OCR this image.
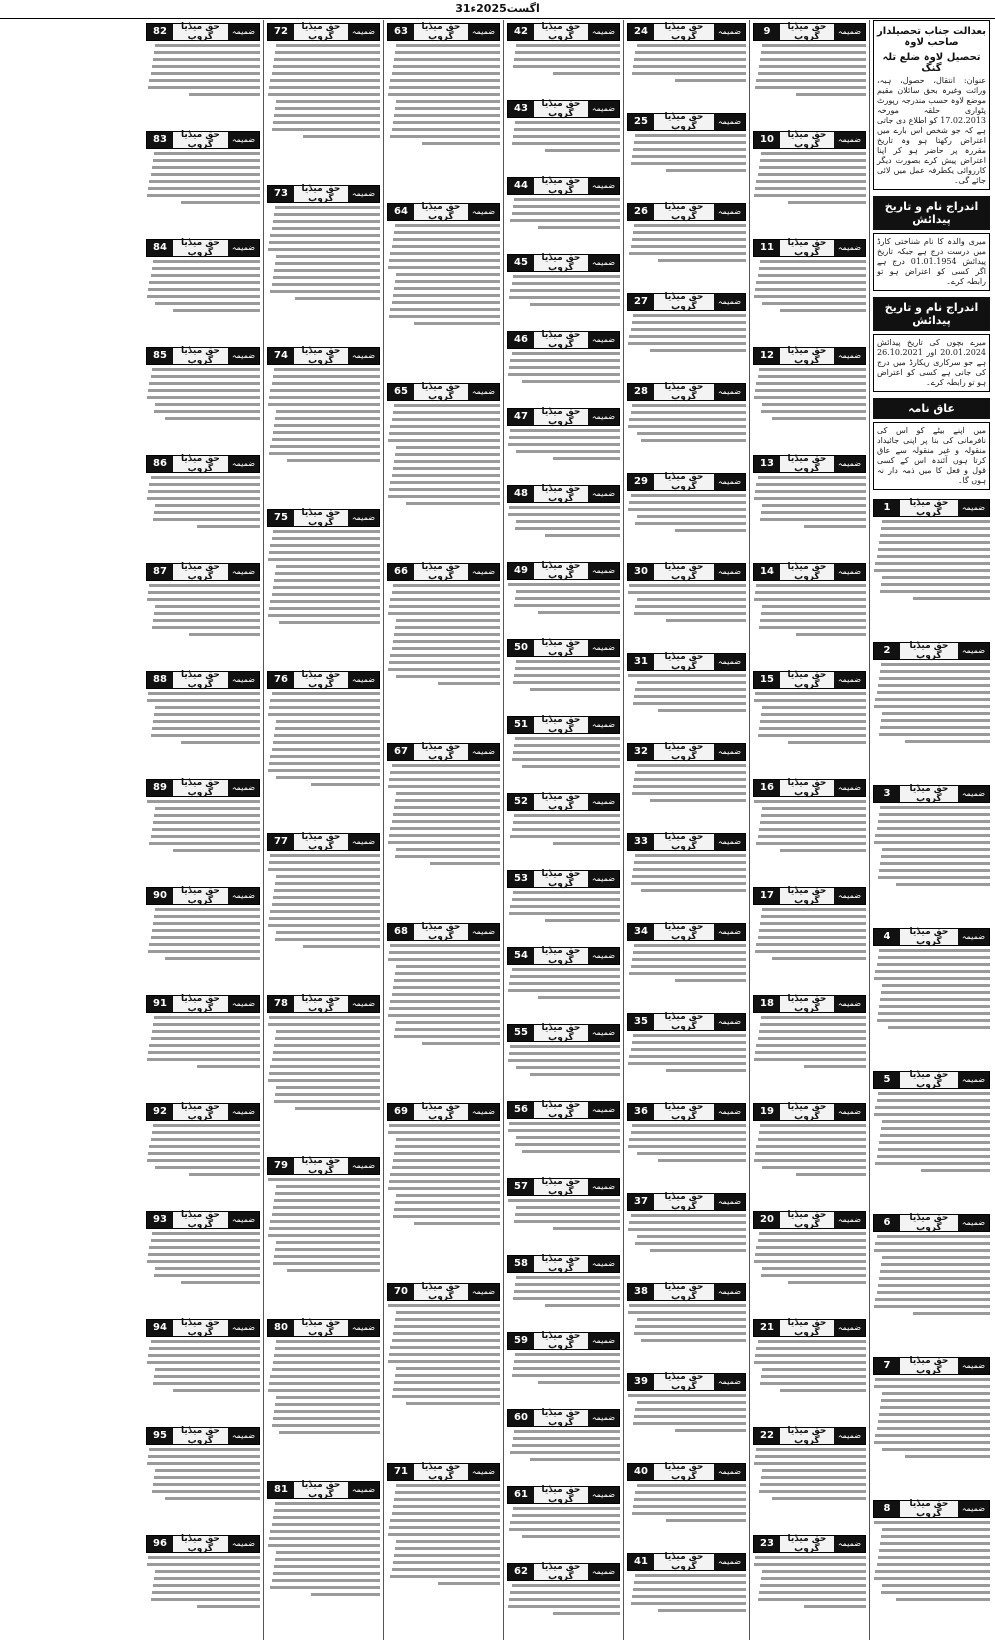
31اگست2025ء
بعدالت جناب تحصیلدار صاحب لاوہ
تحصیل لاوہ ضلع تلہ گنگ
عنوان: انتقال، حصول، ہبہ، وراثت وغیرہ بحق سائلان مقیم موضع لاوہ حسب مندرجہ رپورٹ پٹواری حلقہ مورخہ 17.02.2013 کو اطلاع دی جاتی ہے کہ جو شخص اس بارے میں اعتراض رکھتا ہو وہ تاریخ مقررہ پر حاضر ہو کر اپنا اعتراض پیش کرے بصورت دیگر کارروائی یکطرفہ عمل میں لائی جائے گی۔
اندراج نام و تاریخ پیدائش
میری والدہ کا نام شناختی کارڈ میں درست درج ہے جبکہ تاریخ پیدائش 01.01.1954 درج ہے اگر کسی کو اعتراض ہو تو رابطہ کرے۔
اندراج نام و تاریخ پیدائش
میرے بچوں کی تاریخ پیدائش 20.01.2024 اور 26.10.2021 ہے جو سرکاری ریکارڈ میں درج کی جانی ہے کسی کو اعتراض ہو تو رابطہ کرے۔
عاق نامہ
میں اپنے بیٹے کو اس کی نافرمانی کی بنا پر اپنی جائیداد منقولہ و غیر منقولہ سے عاق کرتا ہوں آئندہ اس کے کسی قول و فعل کا میں ذمہ دار نہ ہوں گا۔
1	حق میڈیا گروپ
ضمیمہ
2	حق میڈیا گروپ
ضمیمہ
3	حق میڈیا گروپ
ضمیمہ
4	حق میڈیا گروپ
ضمیمہ
5	حق میڈیا گروپ
ضمیمہ
6	حق میڈیا گروپ
ضمیمہ
7	حق میڈیا گروپ
ضمیمہ
8	حق میڈیا گروپ
ضمیمہ
9	حق میڈیا گروپ
ضمیمہ
10	حق میڈیا گروپ
ضمیمہ
11	حق میڈیا گروپ
ضمیمہ
12	حق میڈیا گروپ
ضمیمہ
13	حق میڈیا گروپ
ضمیمہ
14	حق میڈیا گروپ
ضمیمہ
15	حق میڈیا گروپ
ضمیمہ
16	حق میڈیا گروپ
ضمیمہ
17	حق میڈیا گروپ
ضمیمہ
18	حق میڈیا گروپ
ضمیمہ
19	حق میڈیا گروپ
ضمیمہ
20	حق میڈیا گروپ
ضمیمہ
21	حق میڈیا گروپ
ضمیمہ
22	حق میڈیا گروپ
ضمیمہ
23	حق میڈیا گروپ
ضمیمہ
24	حق میڈیا گروپ
ضمیمہ
25	حق میڈیا گروپ
ضمیمہ
26	حق میڈیا گروپ
ضمیمہ
27	حق میڈیا گروپ
ضمیمہ
28	حق میڈیا گروپ
ضمیمہ
29	حق میڈیا گروپ
ضمیمہ
30	حق میڈیا گروپ
ضمیمہ
31	حق میڈیا گروپ
ضمیمہ
32	حق میڈیا گروپ
ضمیمہ
33	حق میڈیا گروپ
ضمیمہ
34	حق میڈیا گروپ
ضمیمہ
35	حق میڈیا گروپ
ضمیمہ
36	حق میڈیا گروپ
ضمیمہ
37	حق میڈیا گروپ
ضمیمہ
38	حق میڈیا گروپ
ضمیمہ
39	حق میڈیا گروپ
ضمیمہ
40	حق میڈیا گروپ
ضمیمہ
41	حق میڈیا گروپ
ضمیمہ
42	حق میڈیا گروپ
ضمیمہ
43	حق میڈیا گروپ
ضمیمہ
44	حق میڈیا گروپ
ضمیمہ
45	حق میڈیا گروپ
ضمیمہ
46	حق میڈیا گروپ
ضمیمہ
47	حق میڈیا گروپ
ضمیمہ
48	حق میڈیا گروپ
ضمیمہ
49	حق میڈیا گروپ
ضمیمہ
50	حق میڈیا گروپ
ضمیمہ
51	حق میڈیا گروپ
ضمیمہ
52	حق میڈیا گروپ
ضمیمہ
53	حق میڈیا گروپ
ضمیمہ
54	حق میڈیا گروپ
ضمیمہ
55	حق میڈیا گروپ
ضمیمہ
56	حق میڈیا گروپ
ضمیمہ
57	حق میڈیا گروپ
ضمیمہ
58	حق میڈیا گروپ
ضمیمہ
59	حق میڈیا گروپ
ضمیمہ
60	حق میڈیا گروپ
ضمیمہ
61	حق میڈیا گروپ
ضمیمہ
62	حق میڈیا گروپ
ضمیمہ
63	حق میڈیا گروپ
ضمیمہ
64	حق میڈیا گروپ
ضمیمہ
65	حق میڈیا گروپ
ضمیمہ
66	حق میڈیا گروپ
ضمیمہ
67	حق میڈیا گروپ
ضمیمہ
68	حق میڈیا گروپ
ضمیمہ
69	حق میڈیا گروپ
ضمیمہ
70	حق میڈیا گروپ
ضمیمہ
71	حق میڈیا گروپ
ضمیمہ
72	حق میڈیا گروپ
ضمیمہ
73	حق میڈیا گروپ
ضمیمہ
74	حق میڈیا گروپ
ضمیمہ
75	حق میڈیا گروپ
ضمیمہ
76	حق میڈیا گروپ
ضمیمہ
77	حق میڈیا گروپ
ضمیمہ
78	حق میڈیا گروپ
ضمیمہ
79	حق میڈیا گروپ
ضمیمہ
80	حق میڈیا گروپ
ضمیمہ
81	حق میڈیا گروپ
ضمیمہ
82	حق میڈیا گروپ
ضمیمہ
83	حق میڈیا گروپ
ضمیمہ
84	حق میڈیا گروپ
ضمیمہ
85	حق میڈیا گروپ
ضمیمہ
86	حق میڈیا گروپ
ضمیمہ
87	حق میڈیا گروپ
ضمیمہ
88	حق میڈیا گروپ
ضمیمہ
89	حق میڈیا گروپ
ضمیمہ
90	حق میڈیا گروپ
ضمیمہ
91	حق میڈیا گروپ
ضمیمہ
92	حق میڈیا گروپ
ضمیمہ
93	حق میڈیا گروپ
ضمیمہ
94	حق میڈیا گروپ
ضمیمہ
95	حق میڈیا گروپ
ضمیمہ
96	حق میڈیا گروپ
ضمیمہ
